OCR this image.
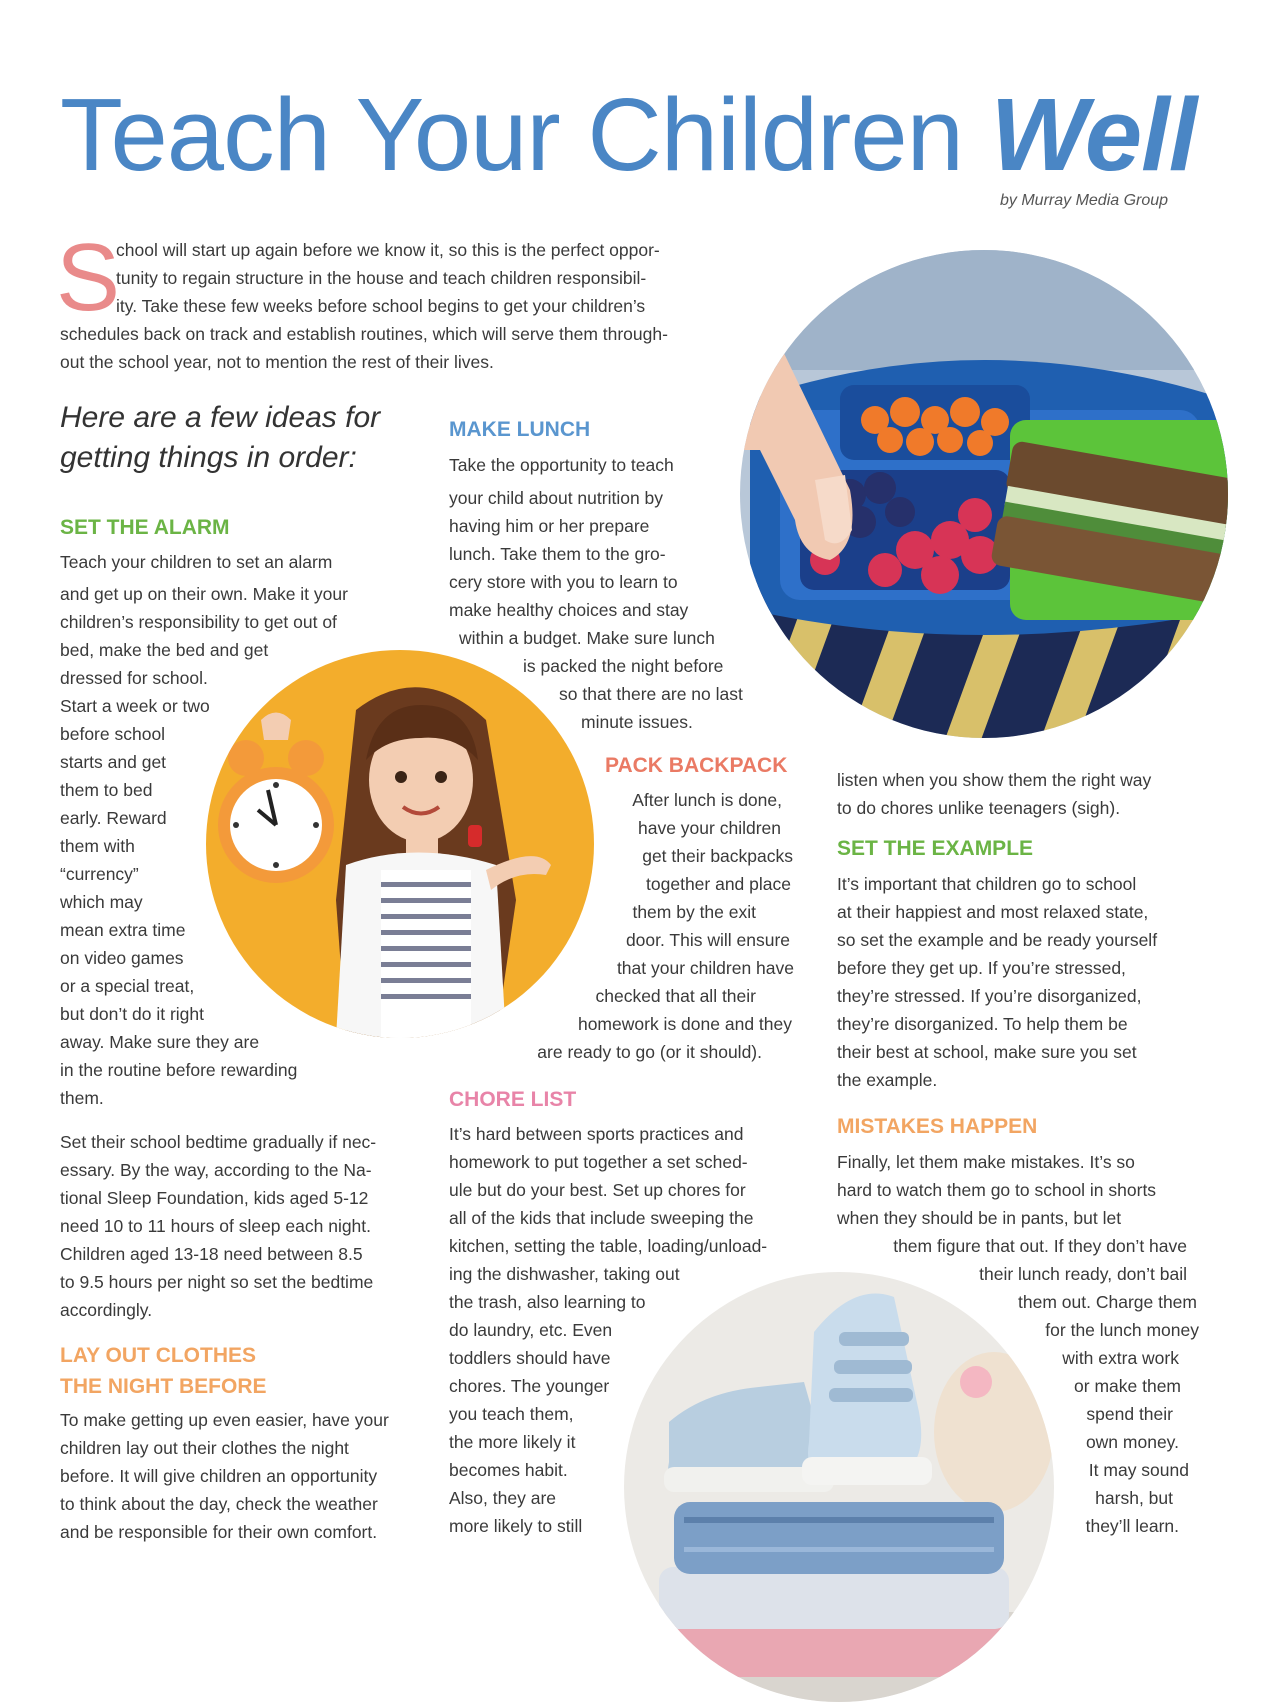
Teach Your Children Well
by Murray Media Group
S
chool will start up again before we know it, so this is the perfect oppor-
tunity to regain structure in the house and teach children responsibil-
ity. Take these few weeks before school begins to get your children’s
schedules back on track and establish routines, which will serve them through-
out the school year, not to mention the rest of their lives.
Here are a few ideas for
getting things in order:
SET THE ALARM
Teach your children to set an alarm
and get up on their own. Make it your
children’s responsibility to get out of
bed, make the bed and get
dressed for school.
Start a week or two
before school
starts and get
them to bed
early. Reward
them with
“currency”
which may
mean extra time
on video games
or a special treat,
but don’t do it right
away. Make sure they are
in the routine before rewarding
them.
Set their school bedtime gradually if nec-
essary. By the way, according to the Na-
tional Sleep Foundation, kids aged 5-12
need 10 to 11 hours of sleep each night.
Children aged 13-18 need between 8.5
to 9.5 hours per night so set the bedtime
accordingly.
LAY OUT CLOTHES
THE NIGHT BEFORE
To make getting up even easier, have your
children lay out their clothes the night
before. It will give children an opportunity
to think about the day, check the weather
and be responsible for their own comfort.
MAKE LUNCH
Take the opportunity to teach
your child about nutrition by
having him or her prepare
lunch. Take them to the gro-
cery store with you to learn to
make healthy choices and stay
within a budget. Make sure lunch
is packed the night before
so that there are no last
minute issues.
PACK BACKPACK
After lunch is done,
have your children
get their backpacks
together and place
them by the exit
door. This will ensure
that your children have
checked that all their
homework is done and they
are ready to go (or it should).
CHORE LIST
It’s hard between sports practices and
homework to put together a set sched-
ule but do your best. Set up chores for
all of the kids that include sweeping the
kitchen, setting the table, loading/unload-
ing the dishwasher, taking out
the trash, also learning to
do laundry, etc. Even
toddlers should have
chores. The younger
you teach them,
the more likely it
becomes habit.
Also, they are
more likely to still
listen when you show them the right way
to do chores unlike teenagers (sigh).
SET THE EXAMPLE
It’s important that children go to school
at their happiest and most relaxed state,
so set the example and be ready yourself
before they get up. If you’re stressed,
they’re stressed. If you’re disorganized,
they’re disorganized. To help them be
their best at school, make sure you set
the example.
MISTAKES HAPPEN
Finally, let them make mistakes. It’s so
hard to watch them go to school in shorts
when they should be in pants, but let
them figure that out. If they don’t have
their lunch ready, don’t bail
them out. Charge them
for the lunch money
with extra work
or make them
spend their
own money.
It may sound
harsh, but
they’ll learn.
